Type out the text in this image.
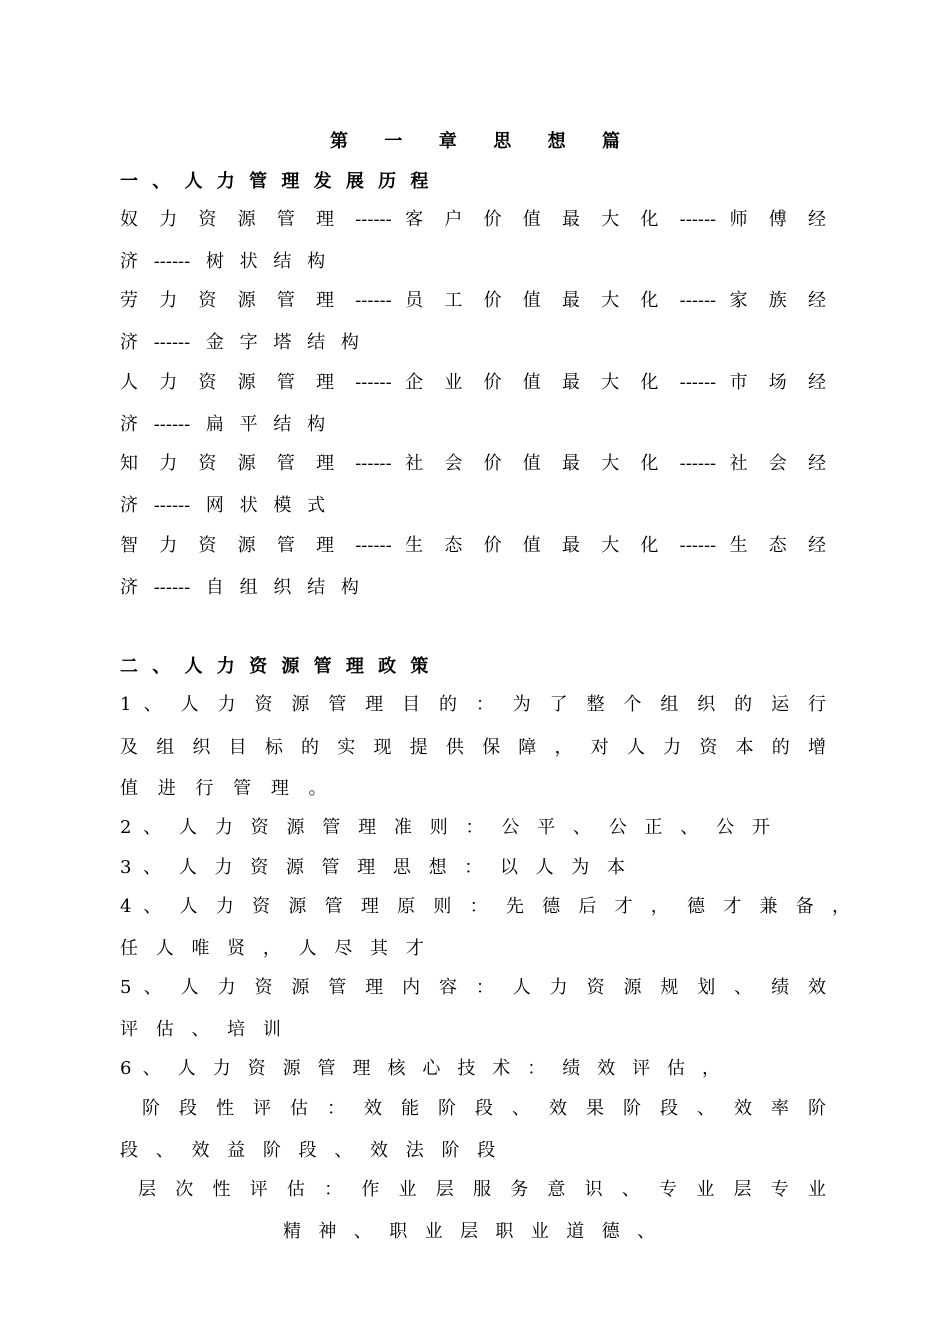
第 一 章 思 想 篇
一 、 人 力 管 理 发 展 历 程
奴 力 资 源 管 理 ------ 客 户 价 值 最 大 化 ------ 师 傅 经
济 ------ 树 状 结 构
劳 力 资 源 管 理 ------ 员 工 价 值 最 大 化 ------ 家 族 经
济 ------ 金 字 塔 结 构
人 力 资 源 管 理 ------ 企 业 价 值 最 大 化 ------ 市 场 经
济 ------ 扁 平 结 构
知 力 资 源 管 理 ------ 社 会 价 值 最 大 化 ------ 社 会 经
济 ------ 网 状 模 式
智 力 资 源 管 理 ------ 生 态 价 值 最 大 化 ------ 生 态 经
济 ------ 自 组 织 结 构
二 、 人 力 资 源 管 理 政 策
1 、 人 力 资 源 管 理 目 的 ： 为 了 整 个 组 织 的 运 行
及 组 织 目 标 的 实 现 提 供 保 障 ， 对 人 力 资 本 的 增
值 进 行 管 理 。
2 、 人 力 资 源 管 理 准 则 ： 公 平 、 公 正 、 公 开
3 、 人 力 资 源 管 理 思 想 ： 以 人 为 本
4 、 人 力 资 源 管 理 原 则 ： 先 德 后 才 ， 德 才 兼 备 ，
任 人 唯 贤 ， 人 尽 其 才
5 、 人 力 资 源 管 理 内 容 ： 人 力 资 源 规 划 、 绩 效
评 估 、 培 训
6 、 人 力 资 源 管 理 核 心 技 术 ： 绩 效 评 估 ，
阶 段 性 评 估 ： 效 能 阶 段 、 效 果 阶 段 、 效 率 阶
段 、 效 益 阶 段 、 效 法 阶 段
层 次 性 评 估 ： 作 业 层 服 务 意 识 、 专 业 层 专 业
精 神 、 职 业 层 职 业 道 德 、
